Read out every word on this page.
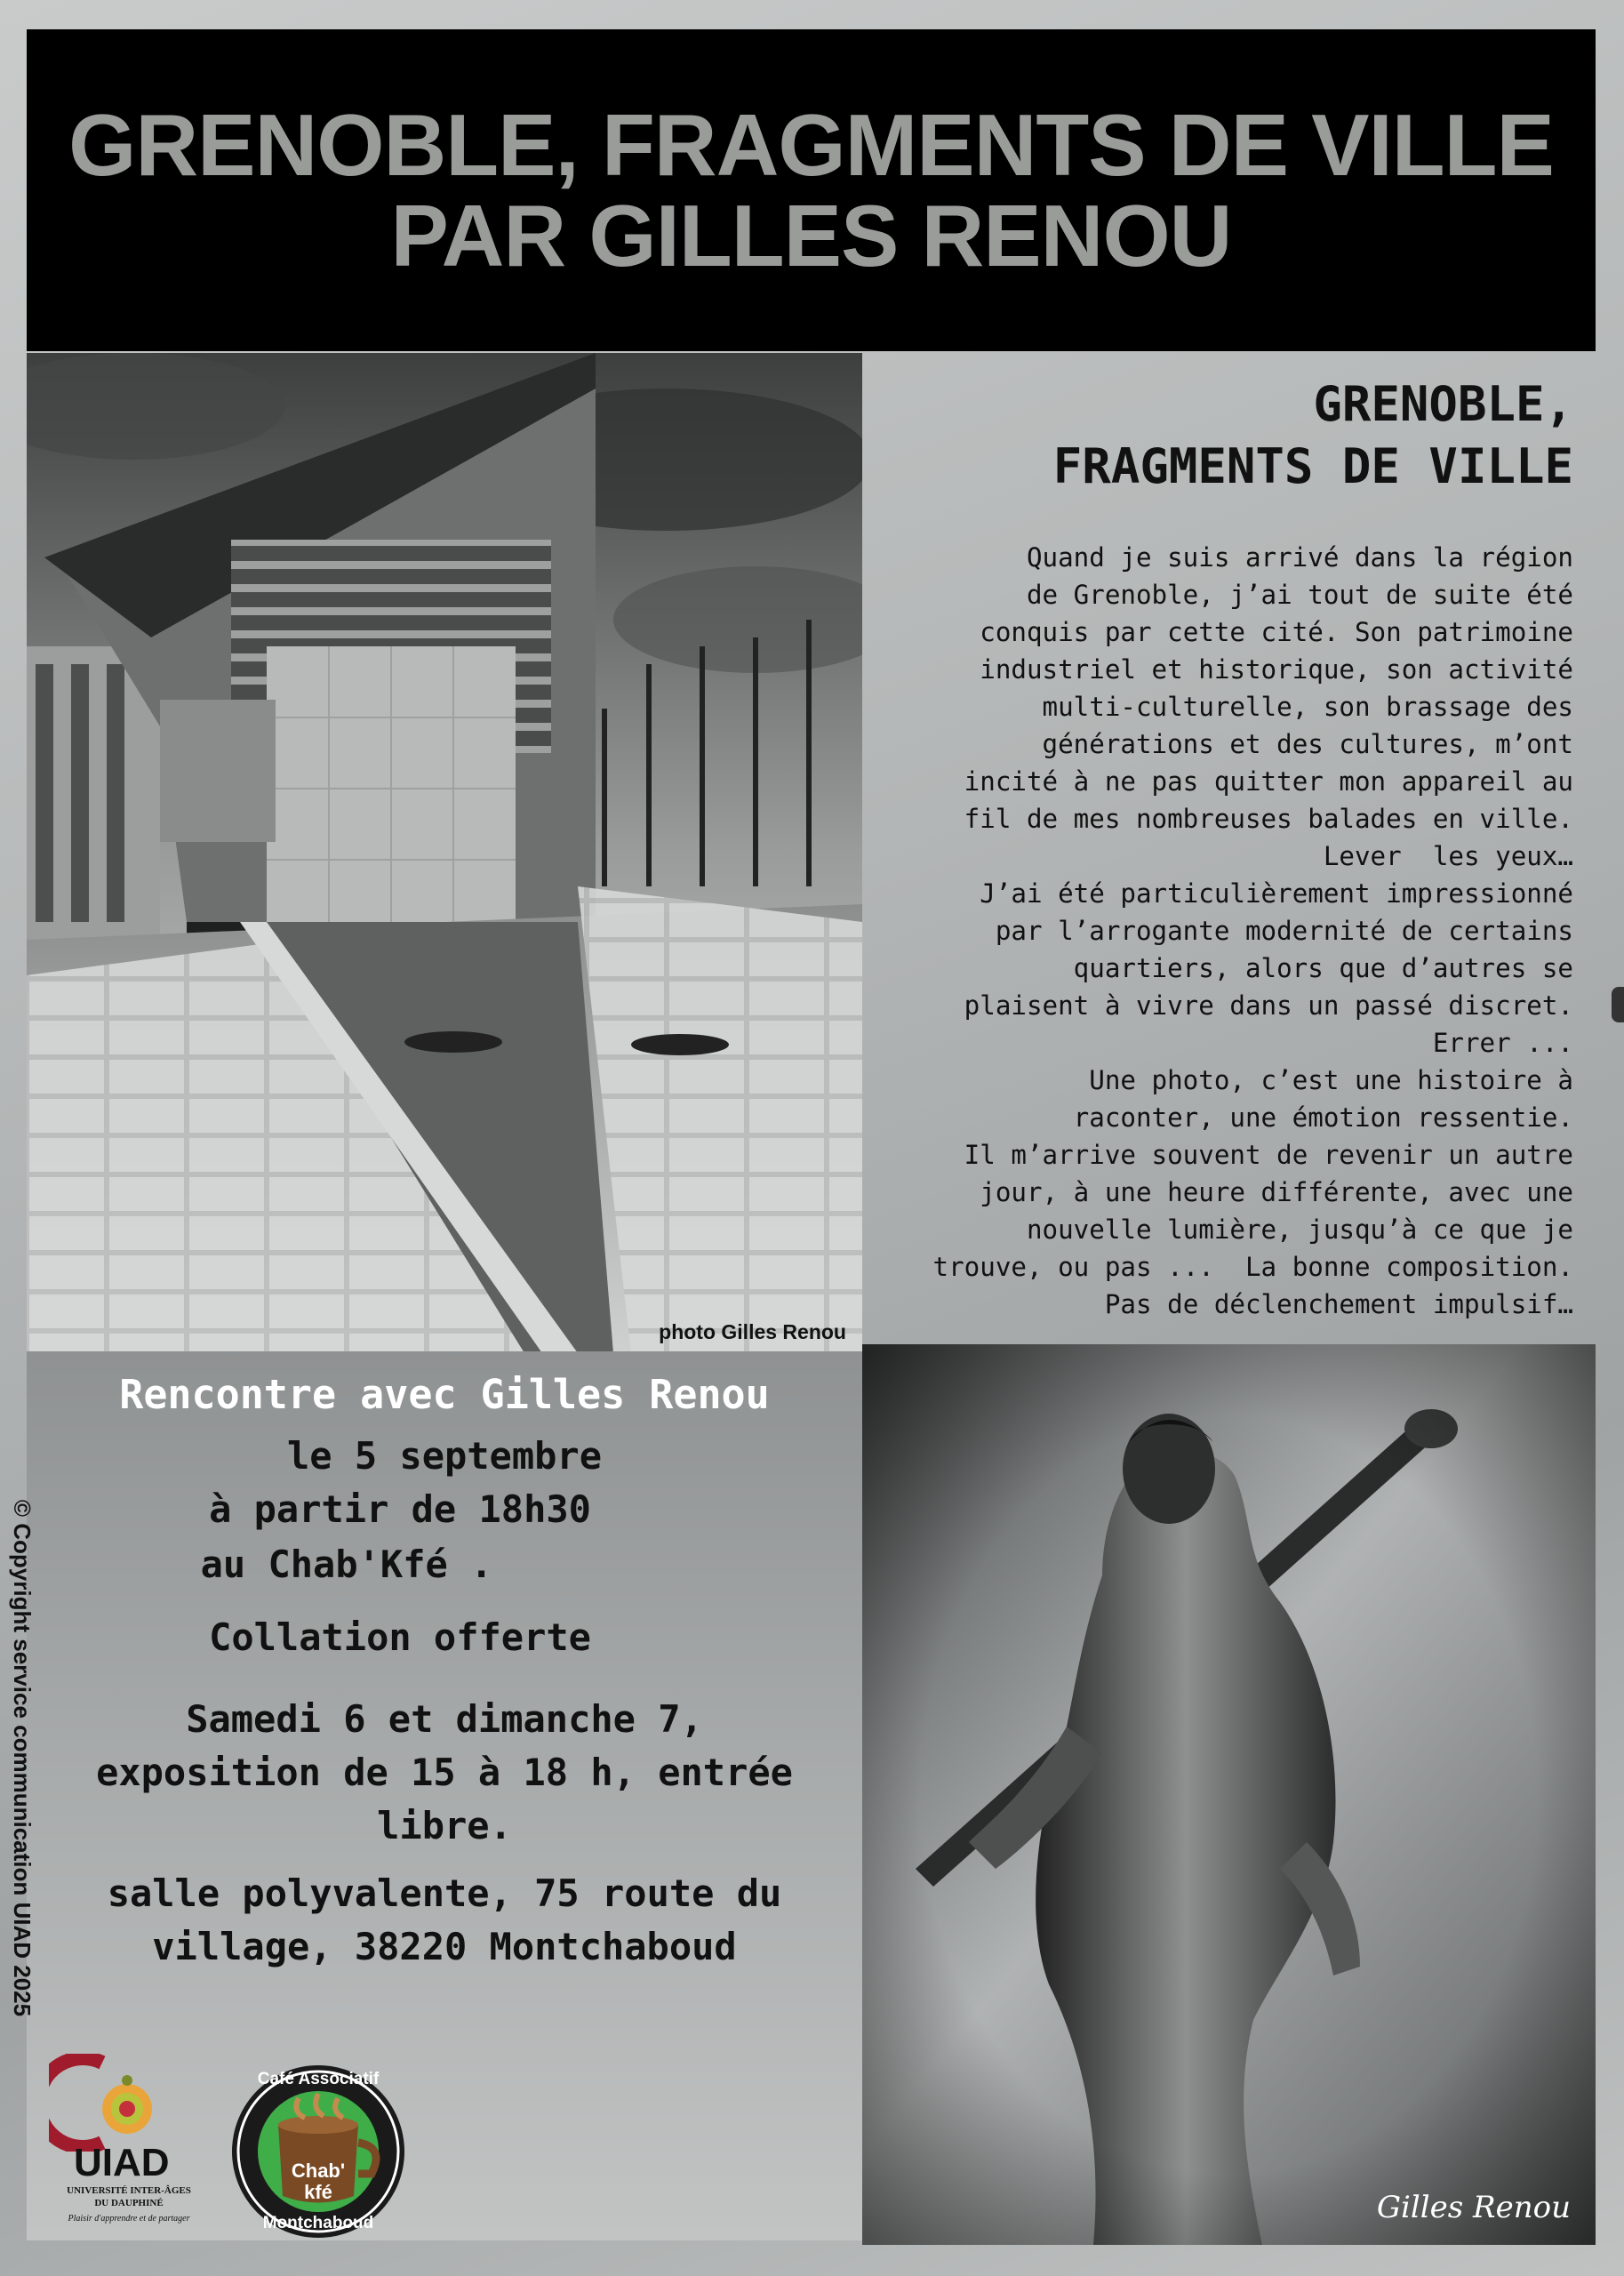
GRENOBLE, FRAGMENTS DE VILLE
PAR GILLES RENOU
photo Gilles Renou
GRENOBLE,
FRAGMENTS DE VILLE
Quand je suis arrivé dans la région
de Grenoble, j’ai tout de suite été
conquis par cette cité. Son patrimoine
industriel et historique, son activité
multi-culturelle, son brassage des
générations et des cultures, m’ont
incité à ne pas quitter mon appareil au
fil de mes nombreuses balades en ville.
Lever  les yeux…
J’ai été particulièrement impressionné
par l’arrogante modernité de certains
quartiers, alors que d’autres se
plaisent à vivre dans un passé discret.
Errer ...
Une photo, c’est une histoire à
raconter, une émotion ressentie.
Il m’arrive souvent de revenir un autre
jour, à une heure différente, avec une
nouvelle lumière, jusqu’à ce que je
trouve, ou pas ...  La bonne composition.
Pas de déclenchement impulsif…
Rencontre avec Gilles Renou
le 5 septembre
à partir de 18h30
au Chab'Kfé .
Collation offerte
Samedi 6 et dimanche 7,
exposition de 15 à 18 h, entrée
libre.
salle polyvalente, 75 route du
village, 38220 Montchaboud
© Copyright service communication UIAD 2025
Gilles Renou
UIAD
UNIVERSITÉ INTER-ÂGES
DU DAUPHINÉ
Plaisir d'apprendre et de partager
Café Associatif
Chab'
kfé
Montchaboud
